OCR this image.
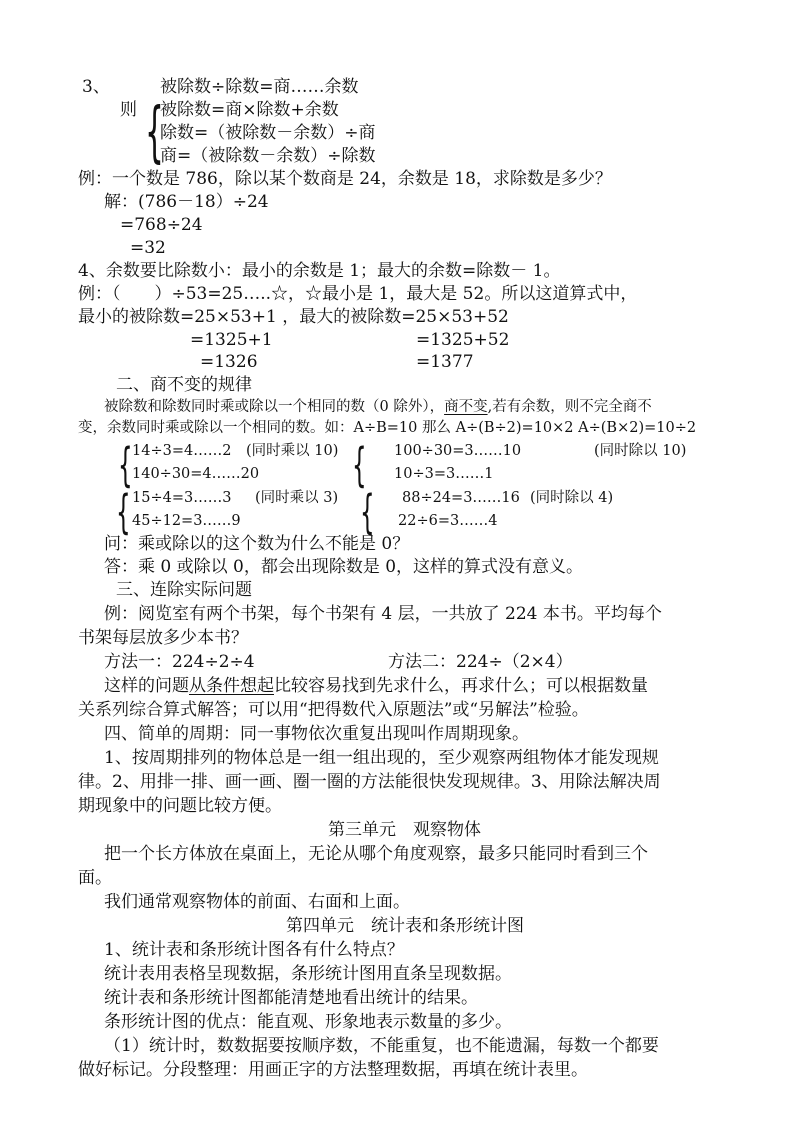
3、	被除数÷除数=商……余数
则 {
被除数=商×除数+余数
除数=（被除数－余数）÷商
商=（被除数－余数）÷除数
例：一个数是 786，除以某个数商是 24，余数是 18，求除数是多少？
解：(786－18）÷24
=768÷24
=32
4、余数要比除数小：最小的余数是 1；最大的余数=除数－ 1。
例：（　　）÷53=25…..☆，☆最小是 1，最大是 52。所以这道算式中，
最小的被除数=25×53+1 ，最大的被除数=25×53+52
=1325+1	=1325+52
=1326	=1377
二、商不变的规律
被除数和除数同时乘或除以一个相同的数（0 除外），商不变,若有余数，则不完全商不
变，余数同时乘或除以一个相同的数。如：A÷B=10 那么 A÷(B÷2)=10×2 A÷(B×2)=10÷2
{ 14÷3=4……2 (同时乘以 10)
140÷30=4……20 { 100÷30=3……10	(同时除以 10)
10÷3=3……1
{ 15÷4=3……3 (同时乘以 3)
45÷12=3……9	{ 88÷24=3……16 (同时除以 4)
22÷6=3……4
问：乘或除以的这个数为什么不能是 0？
答：乘 0 或除以 0，都会出现除数是 0，这样的算式没有意义。
三、连除实际问题
例：阅览室有两个书架，每个书架有 4 层，一共放了 224 本书。平均每个
书架每层放多少本书？
方法一：224÷2÷4	方法二：224÷（2×4）
这样的问题从条件想起比较容易找到先求什么，再求什么；可以根据数量
关系列综合算式解答；可以用“把得数代入原题法”或“另解法”检验。
四、简单的周期：同一事物依次重复出现叫作周期现象。
1、按周期排列的物体总是一组一组出现的，至少观察两组物体才能发现规
律。2、用排一排、画一画、圈一圈的方法能很快发现规律。3、用除法解决周
期现象中的问题比较方便。
第三单元　观察物体
把一个长方体放在桌面上，无论从哪个角度观察，最多只能同时看到三个
面。
我们通常观察物体的前面、右面和上面。
第四单元　统计表和条形统计图
1、统计表和条形统计图各有什么特点？
统计表用表格呈现数据，条形统计图用直条呈现数据。
统计表和条形统计图都能清楚地看出统计的结果。
条形统计图的优点：能直观、形象地表示数量的多少。
（1）统计时，数数据要按顺序数，不能重复，也不能遗漏，每数一个都要
做好标记。分段整理：用画正字的方法整理数据，再填在统计表里。
